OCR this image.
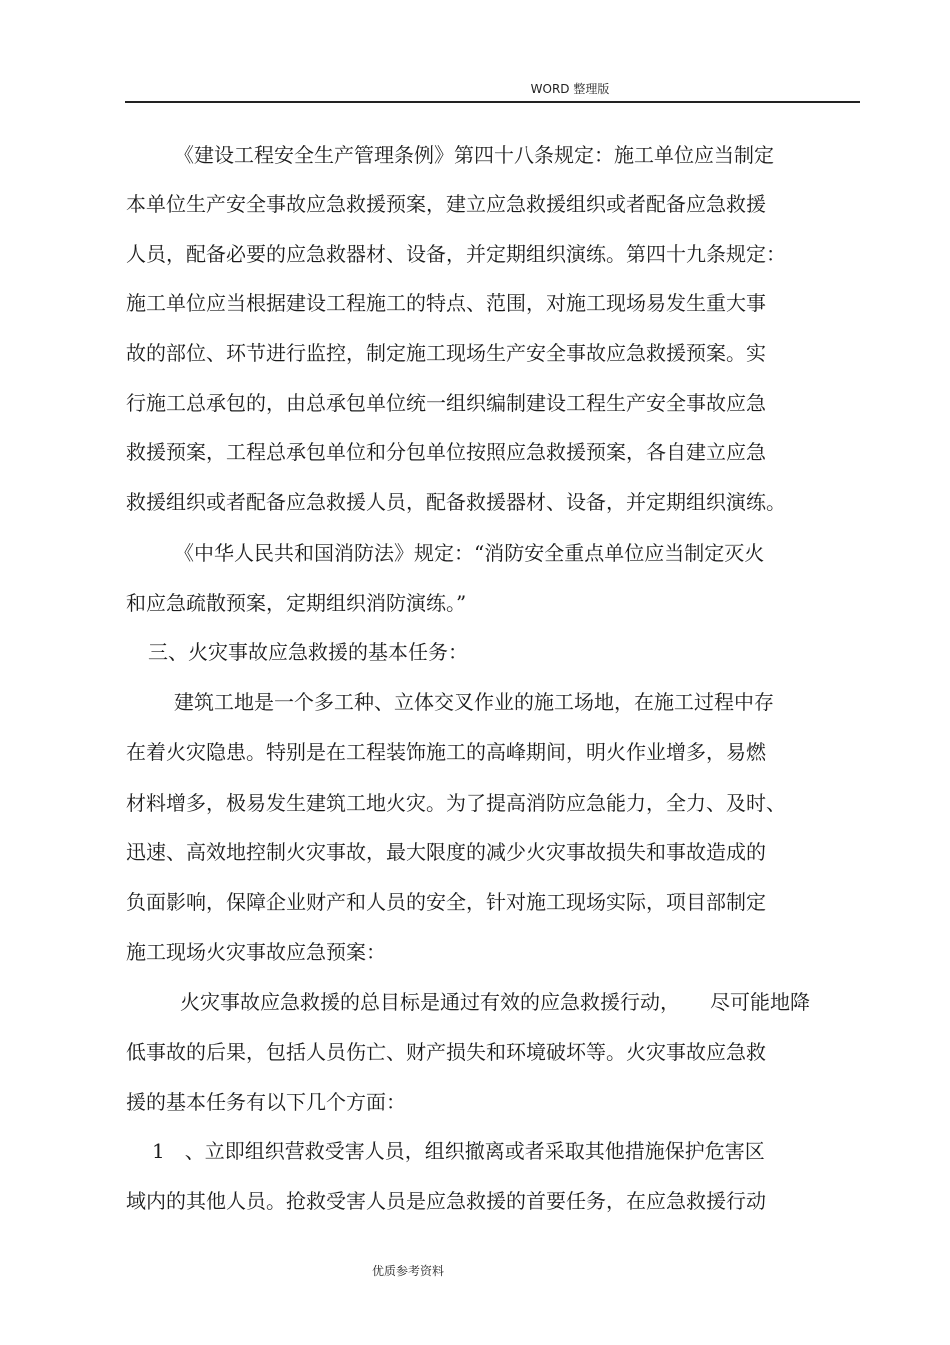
WORD 整理版
《建设工程安全生产管理条例》第四十八条规定：施工单位应当制定
本单位生产安全事故应急救援预案，建立应急救援组织或者配备应急救援
人员，配备必要的应急救器材、设备，并定期组织演练。第四十九条规定：
施工单位应当根据建设工程施工的特点、范围，对施工现场易发生重大事
故的部位、环节进行监控，制定施工现场生产安全事故应急救援预案。实
行施工总承包的，由总承包单位统一组织编制建设工程生产安全事故应急
救援预案，工程总承包单位和分包单位按照应急救援预案，各自建立应急
救援组织或者配备应急救援人员，配备救援器材、设备，并定期组织演练。
《中华人民共和国消防法》规定：“消防安全重点单位应当制定灭火
和应急疏散预案，定期组织消防演练。”
三、火灾事故应急救援的基本任务：
建筑工地是一个多工种、立体交叉作业的施工场地，在施工过程中存
在着火灾隐患。特别是在工程装饰施工的高峰期间，明火作业增多，易燃
材料增多，极易发生建筑工地火灾。为了提高消防应急能力，全力、及时、
迅速、高效地控制火灾事故，最大限度的减少火灾事故损失和事故造成的
负面影响，保障企业财产和人员的安全，针对施工现场实际，项目部制定
施工现场火灾事故应急预案：
火灾事故应急救援的总目标是通过有效的应急救援行动，　　尽可能地降
低事故的后果，包括人员伤亡、财产损失和环境破坏等。火灾事故应急救
援的基本任务有以下几个方面：
1　、立即组织营救受害人员，组织撤离或者采取其他措施保护危害区
域内的其他人员。抢救受害人员是应急救援的首要任务，在应急救援行动
优质参考资料
